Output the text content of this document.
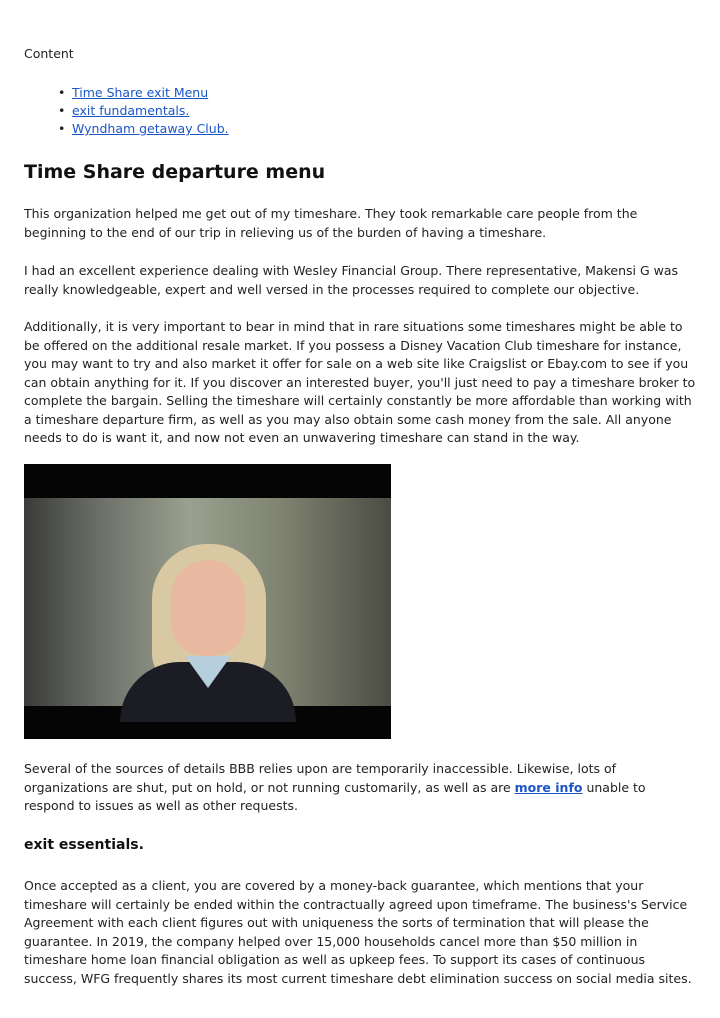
Content

• Time Share exit Menu
• exit fundamentals.
• Wyndham getaway Club.
Time Share departure menu

This organization helped me get out of my timeshare. They took remarkable care people from the beginning to the end of our trip in relieving us of the burden of having a timeshare.

I had an excellent experience dealing with Wesley Financial Group. There representative, Makensi G was really knowledgeable, expert and well versed in the processes required to complete our objective.

Additionally, it is very important to bear in mind that in rare situations some timeshares might be able to be offered on the additional resale market. If you possess a Disney Vacation Club timeshare for instance, you may want to try and also market it offer for sale on a web site like Craigslist or Ebay.com to see if you can obtain anything for it. If you discover an interested buyer, you'll just need to pay a timeshare broker to complete the bargain. Selling the timeshare will certainly constantly be more affordable than working with a timeshare departure firm, as well as you may also obtain some cash money from the sale. All anyone needs to do is want it, and now not even an unwavering timeshare can stand in the way.

Several of the sources of details BBB relies upon are temporarily inaccessible. Likewise, lots of organizations are shut, put on hold, or not running customarily, as well as are more info unable to respond to issues as well as other requests.

exit essentials.

Once accepted as a client, you are covered by a money-back guarantee, which mentions that your timeshare will certainly be ended within the contractually agreed upon timeframe. The business's Service Agreement with each client figures out with uniqueness the sorts of termination that will please the guarantee. In 2019, the company helped over 15,000 households cancel more than $50 million in timeshare home loan financial obligation as well as upkeep fees. To support its cases of continuous success, WFG frequently shares its most current timeshare debt elimination success on social media sites.
